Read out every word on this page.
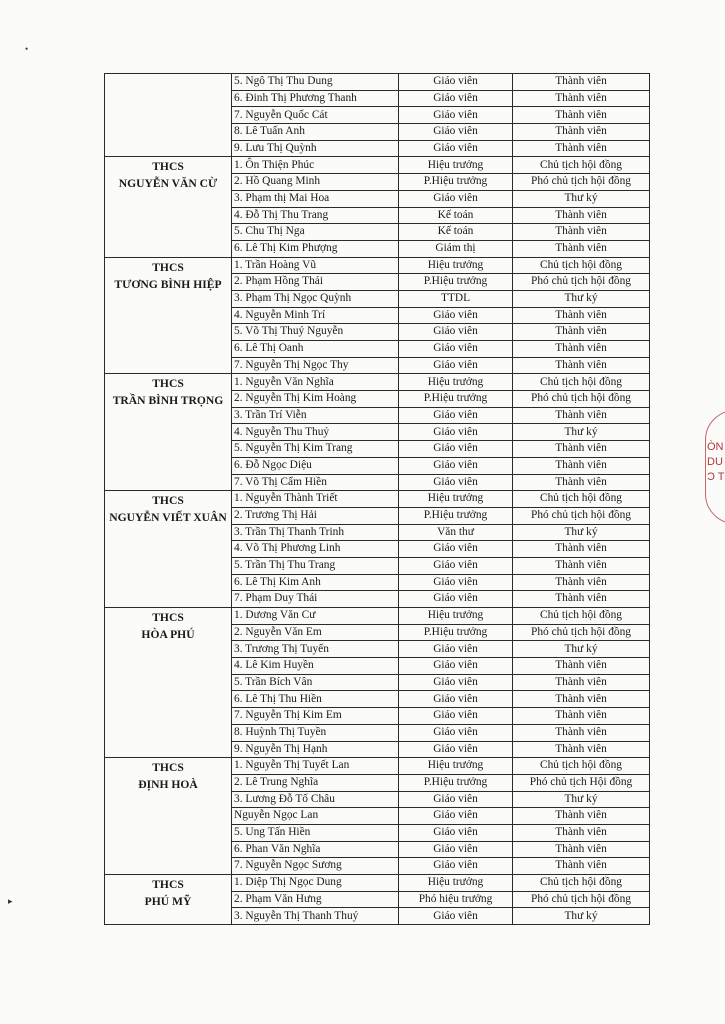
•
▸
	5. Ngô Thị Thu Dung	Giáo viên	Thành viên
	6. Đinh Thị Phương Thanh	Giáo viên	Thành viên
	7. Nguyễn Quốc Cát	Giáo viên	Thành viên
	8. Lê Tuấn Anh	Giáo viên	Thành viên
	9. Lưu Thị Quỳnh	Giáo viên	Thành viên

THCS
NGUYỄN VĂN CỪ	1. Ôn Thiện Phúc	Hiệu trưởng	Chủ tịch hội đồng
	2. Hồ Quang Minh	P.Hiệu trưởng	Phó chủ tịch hội đồng
	3. Phạm thị Mai Hoa	Giáo viên	Thư ký
	4. Đỗ Thị Thu Trang	Kế toán	Thành viên
	5. Chu Thị Nga	Kế toán	Thành viên
	6. Lê Thị Kim Phượng	Giám thị	Thành viên

THCS
TƯƠNG BÌNH HIỆP	1. Trần Hoàng Vũ	Hiệu trưởng	Chủ tịch hội đồng
	2. Phạm Hồng Thái	P.Hiệu trưởng	Phó chủ tịch hội đồng
	3. Phạm Thị Ngọc Quỳnh	TTDL	Thư ký
	4. Nguyễn Minh Trí	Giáo viên	Thành viên
	5. Võ Thị Thuý Nguyễn	Giáo viên	Thành viên
	6. Lê Thị Oanh	Giáo viên	Thành viên
	7. Nguyễn Thị Ngọc Thy	Giáo viên	Thành viên

THCS
TRẦN BÌNH TRỌNG	1. Nguyễn Văn Nghĩa	Hiệu trưởng	Chủ tịch hội đồng
	2. Nguyễn Thị Kim Hoàng	P.Hiệu trưởng	Phó chủ tịch hội đồng
	3. Trần Trí Viễn	Giáo viên	Thành viên
	4. Nguyễn Thu Thuỷ	Giáo viên	Thư ký
	5. Nguyễn Thị Kim Trang	Giáo viên	Thành viên
	6. Đỗ Ngọc Diệu	Giáo viên	Thành viên
	7. Võ Thị Cẩm Hiền	Giáo viên	Thành viên

THCS
NGUYỄN VIẾT XUÂN	1. Nguyễn Thành Triết	Hiệu trưởng	Chủ tịch hội đồng
	2. Trương Thị Hải	P.Hiệu trưởng	Phó chủ tịch hội đồng
	3. Trần Thị Thanh Trinh	Văn thư	Thư ký
	4. Võ Thị Phương Linh	Giáo viên	Thành viên
	5. Trần Thị Thu Trang	Giáo viên	Thành viên
	6. Lê Thị Kim Anh	Giáo viên	Thành viên
	7. Phạm Duy Thái	Giáo viên	Thành viên

THCS
HÒA PHÚ	1. Dương Văn Cư	Hiệu trưởng	Chủ tịch hội đồng
	2. Nguyễn Văn Em	P.Hiệu trưởng	Phó chủ tịch hội đồng
	3. Trương Thị Tuyến	Giáo viên	Thư ký
	4. Lê Kim Huyền	Giáo viên	Thành viên
	5. Trần Bích Vân	Giáo viên	Thành viên
	6. Lê Thị Thu Hiền	Giáo viên	Thành viên
	7. Nguyễn Thị Kim Em	Giáo viên	Thành viên
	8. Huỳnh Thị Tuyền	Giáo viên	Thành viên
	9. Nguyễn Thị Hạnh	Giáo viên	Thành viên

THCS
ĐỊNH HOÀ	1. Nguyễn Thị Tuyết Lan	Hiệu trưởng	Chủ tịch hội đồng
	2. Lê Trung Nghĩa	P.Hiệu trưởng	Phó chủ tịch Hội đồng
	3. Lương Đỗ Tố Châu	Giáo viên	Thư ký
	Nguyễn Ngọc Lan	Giáo viên	Thành viên
	5. Ung Tấn Hiền	Giáo viên	Thành viên
	6. Phan Văn Nghĩa	Giáo viên	Thành viên
	7. Nguyễn Ngọc Sương	Giáo viên	Thành viên

THCS
PHÚ MỸ	1. Diệp Thị Ngọc Dung	Hiệu trưởng	Chủ tịch hội đồng
	2. Phạm Văn Hưng	Phó hiệu trưởng	Phó chủ tịch hội đồng
	3. Nguyễn Thị Thanh Thuý	Giáo viên	Thư ký
ÒN
DU
Ɔ T
